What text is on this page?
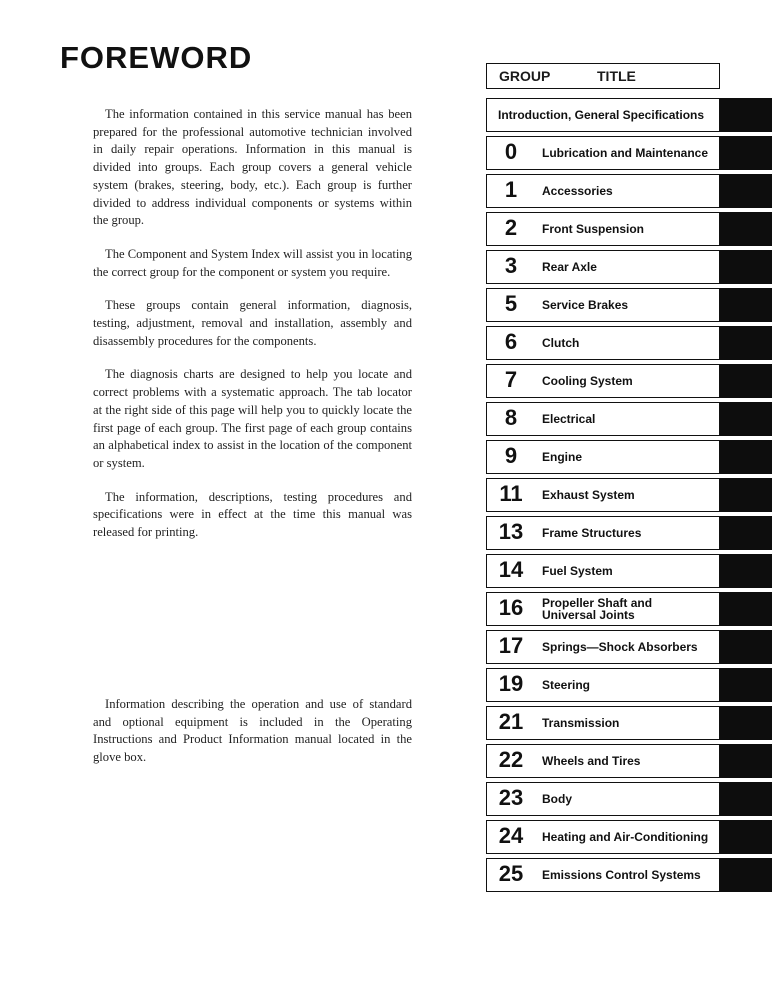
FOREWORD

The information contained in this service manual has been prepared for the professional automotive technician involved in daily repair operations. Information in this manual is divided into groups. Each group covers a general vehicle system (brakes, steering, body, etc.). Each group is further divided to address individual components or systems within the group.

The Component and System Index will assist you in locating the correct group for the component or system you require.

These groups contain general information, diagnosis, testing, adjustment, removal and installation, assembly and disassembly procedures for the components.

The diagnosis charts are designed to help you locate and correct problems with a systematic approach. The tab locator at the right side of this page will help you to quickly locate the first page of each group. The first page of each group contains an alphabetical index to assist in the location of the component or system.

The information, descriptions, testing procedures and specifications were in effect at the time this manual was released for printing.

Information describing the operation and use of standard and optional equipment is included in the Operating Instructions and Product Information manual located in the glove box.

GROUP	TITLE
Introduction, General Specifications
0	Lubrication and Maintenance
1	Accessories
2	Front Suspension
3	Rear Axle
5	Service Brakes
6	Clutch
7	Cooling System
8	Electrical
9	Engine
11	Exhaust System
13	Frame Structures
14	Fuel System
16	Propeller Shaft and
Universal Joints
17	Springs—Shock Absorbers
19	Steering
21	Transmission
22	Wheels and Tires
23	Body
24	Heating and Air-Conditioning
25	Emissions Control Systems
